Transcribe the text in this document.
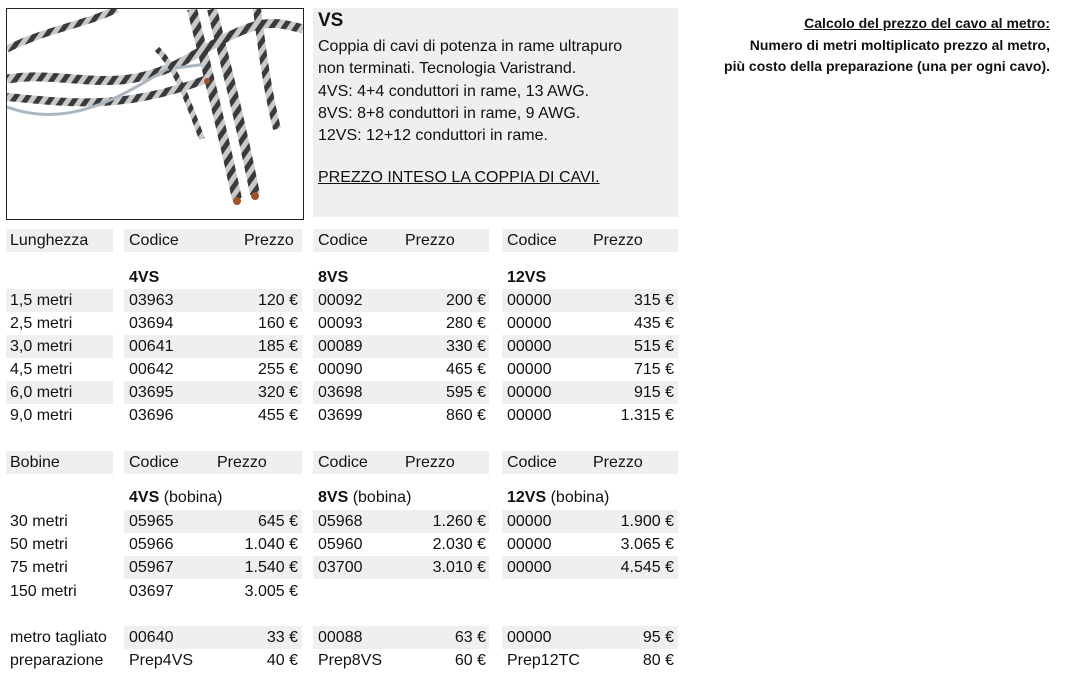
VS
Coppia di cavi di potenza in rame ultrapuro
non terminati. Tecnologia Varistrand.
4VS: 4+4 conduttori in rame, 13 AWG.
8VS: 8+8 conduttori in rame, 9 AWG.
12VS: 12+12 conduttori in rame.
PREZZO INTESO LA COPPIA DI CAVI.
Calcolo del prezzo del cavo al metro:
Numero di metri moltiplicato prezzo al metro,
più costo della preparazione (una per ogni cavo).
Lunghezza	Codice	Prezzo Codice Prezzo	Codice Prezzo
4VS	8VS	12VS
1,5 metri	03963	120 € 00092	200 € 00000	315 €
2,5 metri	03694	160 € 00093	280 € 00000	435 €
3,0 metri	00641	185 € 00089	330 € 00000	515 €
4,5 metri	00642	255 € 00090	465 € 00000	715 €
6,0 metri	03695	320 € 03698	595 € 00000	915 €
9,0 metri	03696	455 € 03699	860 € 00000	1.315 €
Bobine	Codice Prezzo	Codice Prezzo	Codice Prezzo
4VS (bobina)	8VS (bobina)	12VS (bobina)
30 metri	05965	645 € 05968	1.260 € 00000	1.900 €
50 metri	05966	1.040 € 05960	2.030 € 00000	3.065 €
75 metri	05967	1.540 € 03700	3.010 € 00000	4.545 €
150 metri	03697	3.005 €
metro tagliato 00640	33 € 00088	63 € 00000	95 €
preparazione Prep4VS	40 € Prep8VS	60 € Prep12TC	80 €
